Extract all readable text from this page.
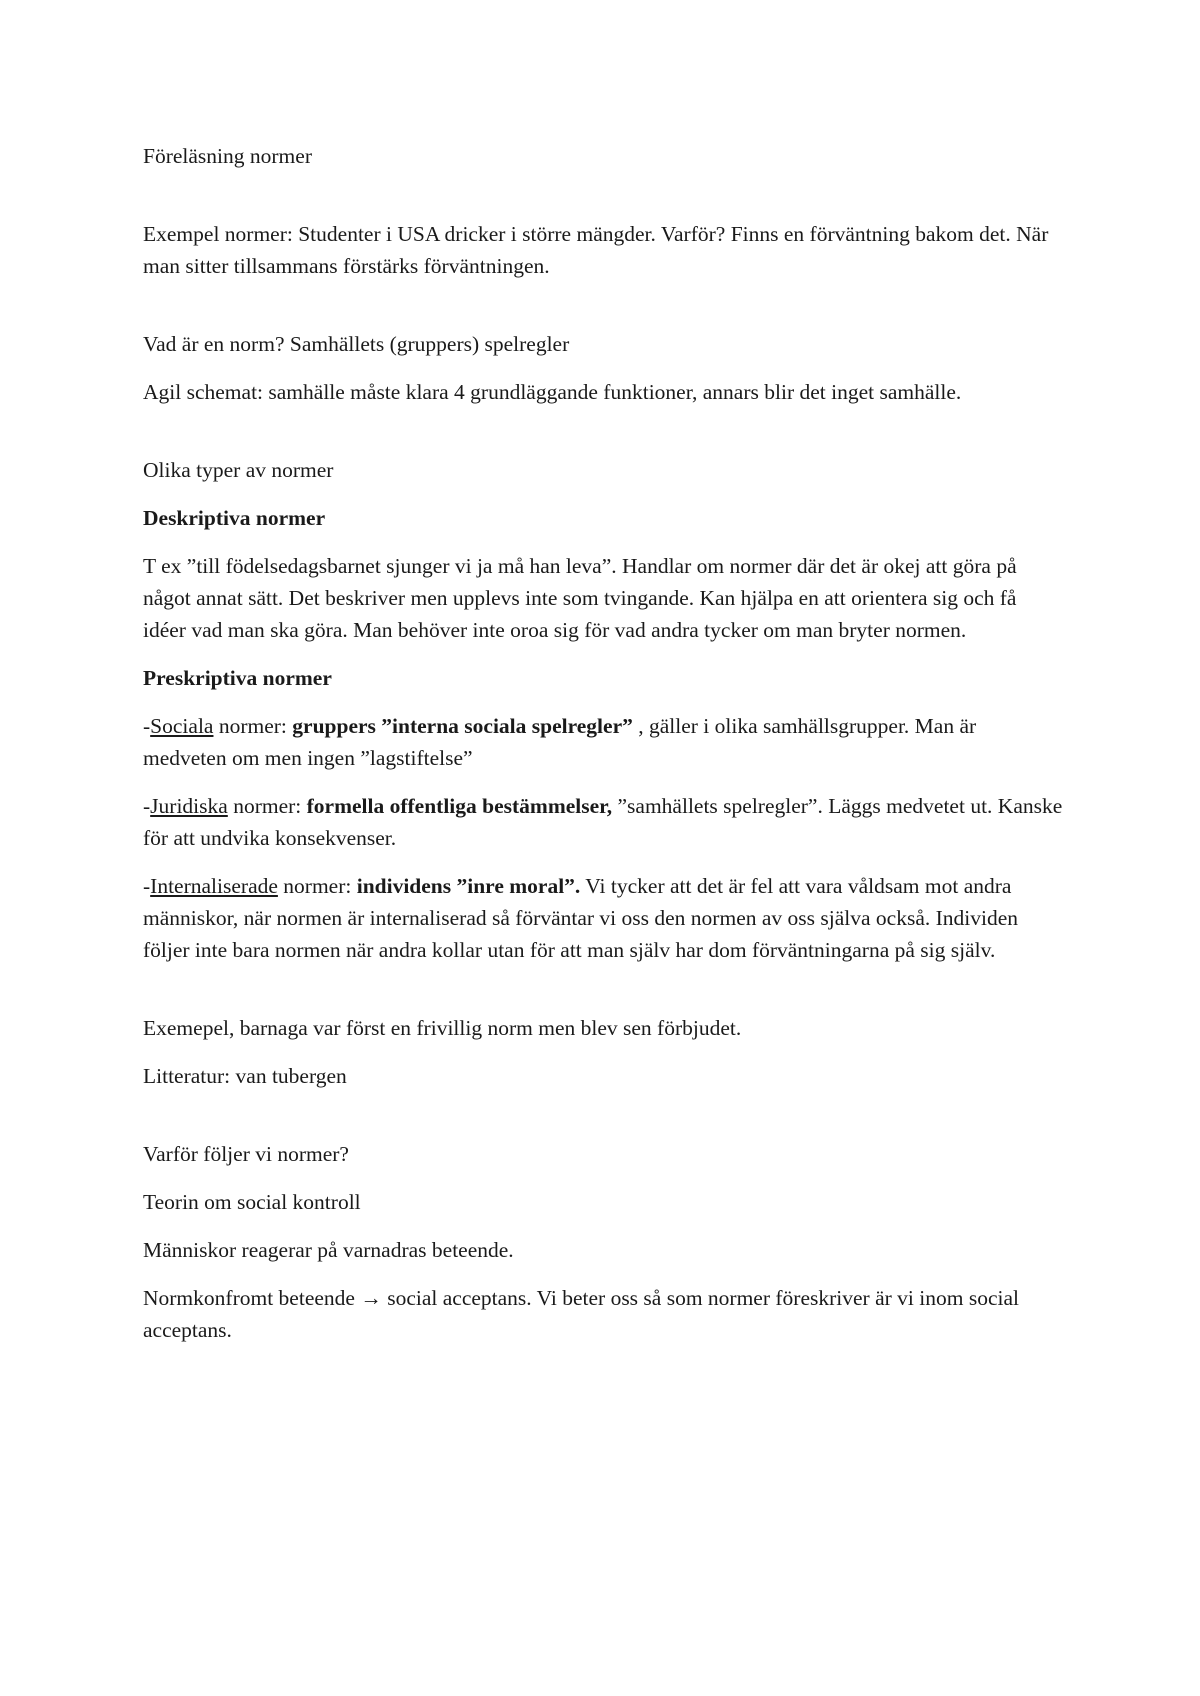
Föreläsning normer

Exempel normer: Studenter i USA dricker i större mängder. Varför? Finns en förväntning bakom det. När man sitter tillsammans förstärks förväntningen.

Vad är en norm? Samhällets (gruppers) spelregler

Agil schemat: samhälle måste klara 4 grundläggande funktioner, annars blir det inget samhälle.

Olika typer av normer

Deskriptiva normer

T ex ”till födelsedagsbarnet sjunger vi ja må han leva”. Handlar om normer där det är okej att göra på något annat sätt. Det beskriver men upplevs inte som tvingande. Kan hjälpa en att orientera sig och få idéer vad man ska göra. Man behöver inte oroa sig för vad andra tycker om man bryter normen.

Preskriptiva normer

-Sociala normer: gruppers ”interna sociala spelregler” , gäller i olika samhällsgrupper. Man är medveten om men ingen ”lagstiftelse”

-Juridiska normer: formella offentliga bestämmelser, ”samhällets spelregler”. Läggs medvetet ut. Kanske för att undvika konsekvenser.

-Internaliserade normer: individens ”inre moral”. Vi tycker att det är fel att vara våldsam mot andra människor, när normen är internaliserad så förväntar vi oss den normen av oss själva också. Individen följer inte bara normen när andra kollar utan för att man själv har dom förväntningarna på sig själv.

Exemepel, barnaga var först en frivillig norm men blev sen förbjudet.

Litteratur: van tubergen

Varför följer vi normer?

Teorin om social kontroll

Människor reagerar på varnadras beteende.

Normkonfromt beteende → social acceptans. Vi beter oss så som normer föreskriver är vi inom social acceptans.
